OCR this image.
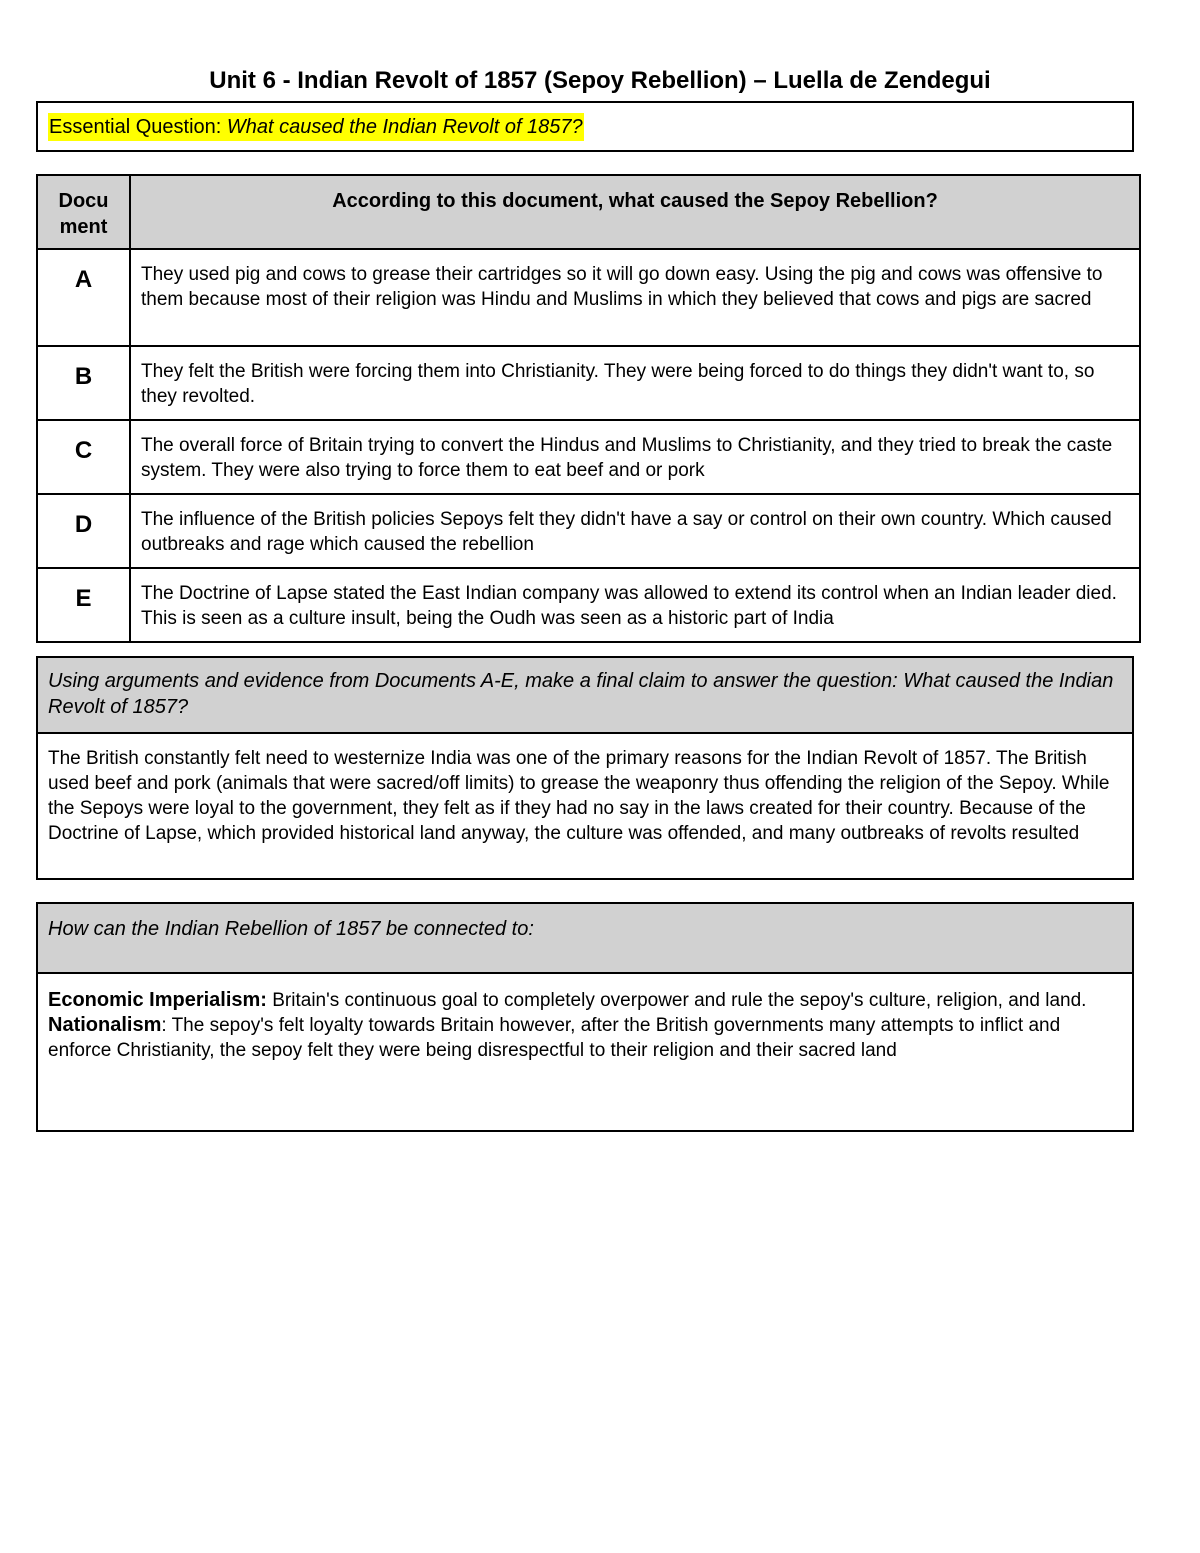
Unit 6 - Indian Revolt of 1857 (Sepoy Rebellion) – Luella de Zendegui
Essential Question: What caused the Indian Revolt of 1857?
Docu ment	According to this document, what caused the Sepoy Rebellion?
A	They used pig and cows to grease their cartridges so it will go down easy. Using the pig and cows was offensive to them because most of their religion was Hindu and Muslims in which they believed that cows and pigs are sacred
B	They felt the British were forcing them into Christianity. They were being forced to do things they didn't want to, so they revolted.
C	The overall force of Britain trying to convert the Hindus and Muslims to Christianity, and they tried to break the caste system. They were also trying to force them to eat beef and or pork
D	The influence of the British policies Sepoys felt they didn't have a say or control on their own country. Which caused outbreaks and rage which caused the rebellion
E	The Doctrine of Lapse stated the East Indian company was allowed to extend its control when an Indian leader died. This is seen as a culture insult, being the Oudh was seen as a historic part of India
Using arguments and evidence from Documents A-E, make a final claim to answer the question: What caused the Indian Revolt of 1857?
The British constantly felt need to westernize India was one of the primary reasons for the Indian Revolt of 1857. The British used beef and pork (animals that were sacred/off limits) to grease the weaponry thus offending the religion of the Sepoy. While the Sepoys were loyal to the government, they felt as if they had no say in the laws created for their country. Because of the Doctrine of Lapse, which provided historical land anyway, the culture was offended, and many outbreaks of revolts resulted
How can the Indian Rebellion of 1857 be connected to:
Economic Imperialism: Britain's continuous goal to completely overpower and rule the sepoy's culture, religion, and land.
Nationalism: The sepoy's felt loyalty towards Britain however, after the British governments many attempts to inflict and enforce Christianity, the sepoy felt they were being disrespectful to their religion and their sacred land
